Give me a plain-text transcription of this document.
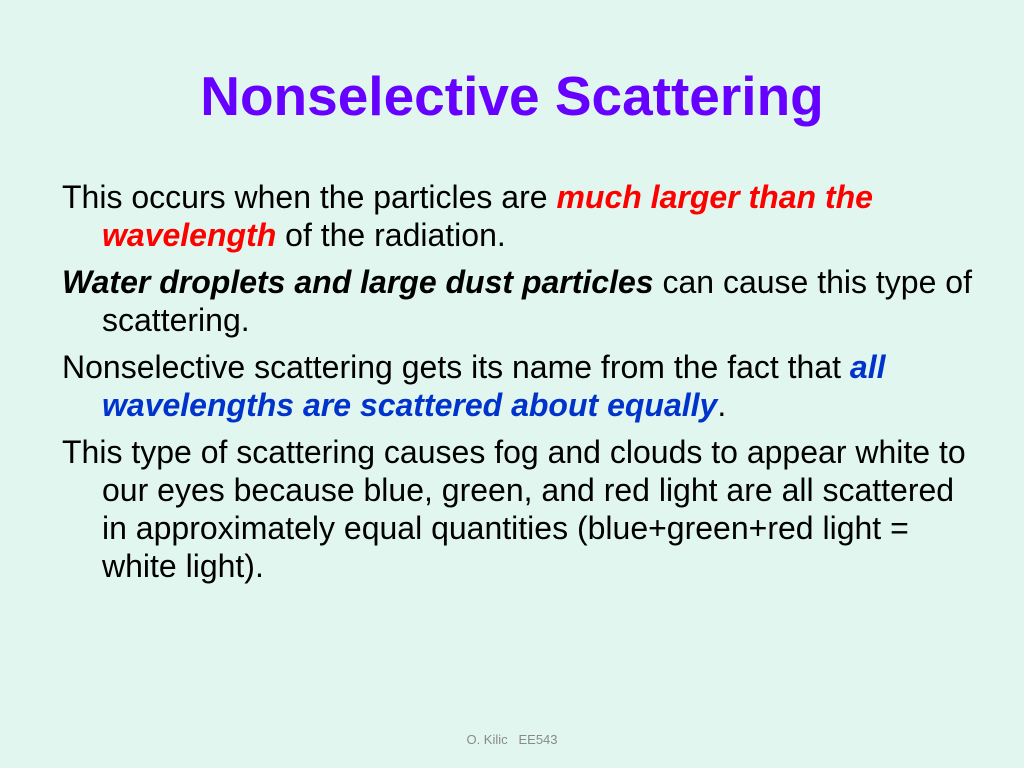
Nonselective Scattering
This occurs when the particles are much larger than the wavelength of the radiation.
Water droplets and large dust particles can cause this type of scattering.
Nonselective scattering gets its name from the fact that all wavelengths are scattered about equally.
This type of scattering causes fog and clouds to appear white to our eyes because blue, green, and red light are all scattered in approximately equal quantities (blue+green+red light = white light).
O. Kilic EE543
